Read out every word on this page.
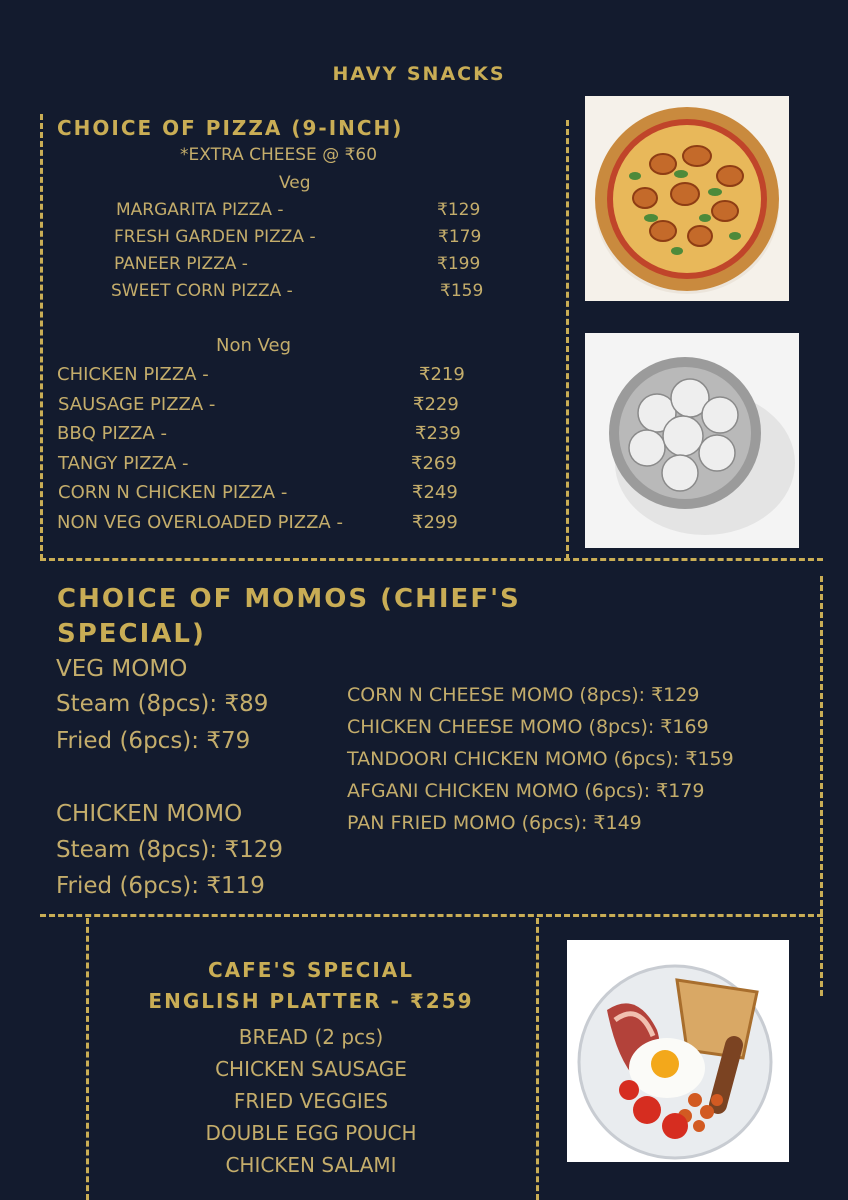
HAVY SNACKS
CHOICE OF PIZZA (9-INCH)
*EXTRA CHEESE @ ₹60
Veg
MARGARITA PIZZA -	₹129
FRESH GARDEN PIZZA -	₹179
PANEER PIZZA -	₹199
SWEET CORN PIZZA -	₹159
Non Veg
CHICKEN PIZZA -	₹219
SAUSAGE PIZZA -	₹229
BBQ PIZZA -	₹239
TANGY PIZZA -	₹269
CORN N CHICKEN PIZZA -	₹249
NON VEG OVERLOADED PIZZA -	₹299
CHOICE OF MOMOS (CHIEF'S
SPECIAL)
VEG MOMO
Steam (8pcs): ₹89
Fried (6pcs): ₹79
CHICKEN MOMO
Steam (8pcs): ₹129
Fried (6pcs): ₹119
CORN N CHEESE MOMO (8pcs): ₹129
CHICKEN CHEESE MOMO (8pcs): ₹169
TANDOORI CHICKEN MOMO (6pcs): ₹159
AFGANI CHICKEN MOMO (6pcs): ₹179
PAN FRIED MOMO (6pcs): ₹149
CAFE'S SPECIAL
ENGLISH PLATTER - ₹259
BREAD (2 pcs)
CHICKEN SAUSAGE
FRIED VEGGIES
DOUBLE EGG POUCH
CHICKEN SALAMI
